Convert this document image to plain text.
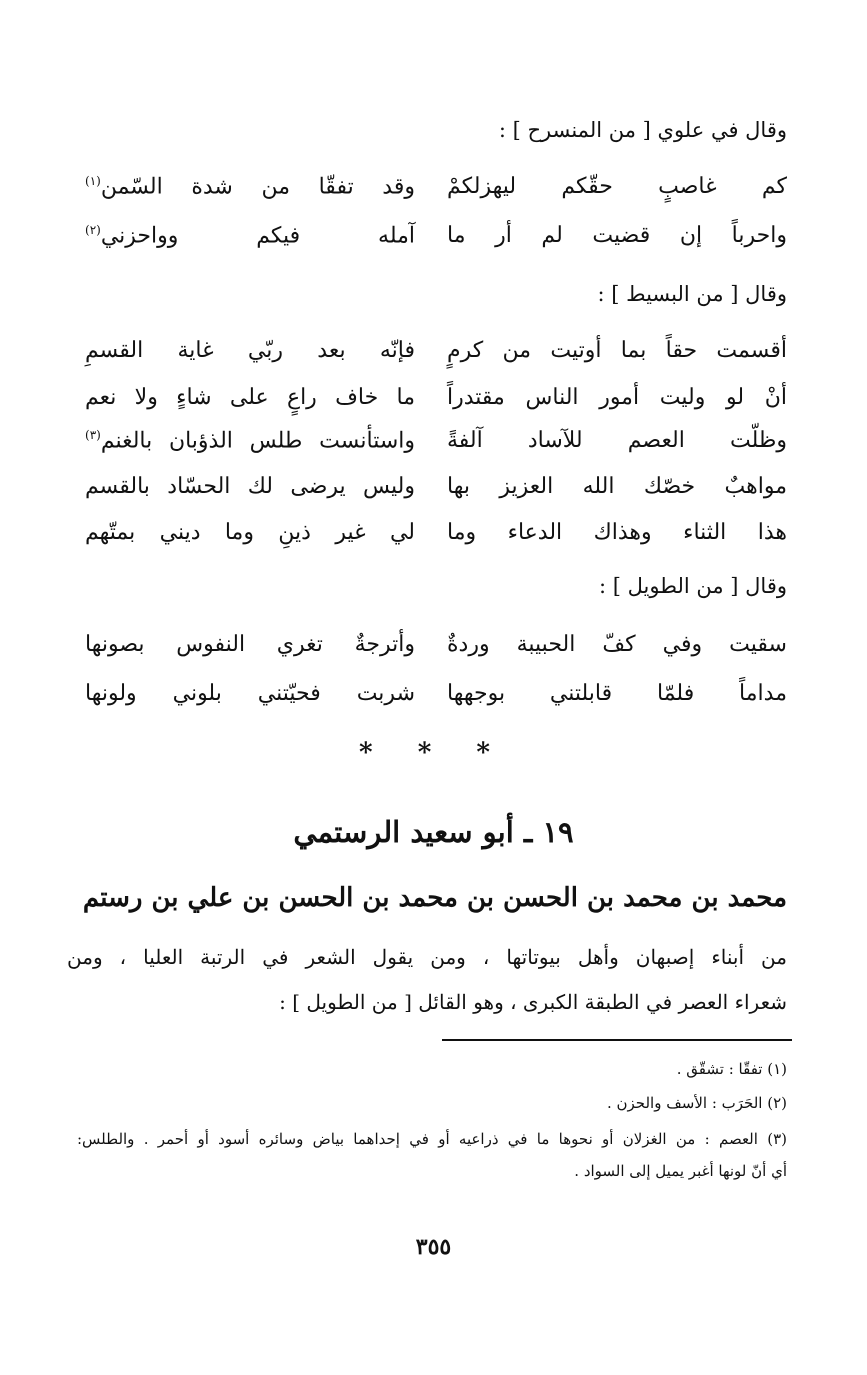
وقال في علوي [ من المنسرح ] :
كم غاصبٍ حقّكم ليهزلكمْ
وقد تفقّا من شدة السّمن$^{(١)}$
واحرباً إن قضيت لم أر ما
آمله فيكم وواحزني$^{(٢)}$
وقال [ من البسيط ] :
أقسمت حقاً بما أوتيت من كرمٍ
فإنّه بعد ربّي غاية القسمِ
أنْ لو وليت أمور الناس مقتدراً
ما خاف راعٍ على شاءٍ ولا نعم
وظلّت العصم للآساد آلفةً
واستأنست طلس الذؤبان بالغنم$^{(٣)}$
مواهبٌ خصّك الله العزيز بها
وليس يرضى لك الحسّاد بالقسم
هذا الثناء وهذاك الدعاء وما
لي غير ذينِ وما ديني بمتّهم
وقال [ من الطويل ] :
سقيت وفي كفّ الحبيبة وردةٌ
وأترجةٌ تغري النفوس بصونها
مداماً فلمّا قابلتني بوجهها
شربت فحيّتني بلوني ولونها
* * *
١٩ ـ أبو سعيد الرستمي
محمد بن محمد بن الحسن بن محمد بن الحسن بن علي بن رستم
من أبناء إصبهان وأهل بيوتاتها ، ومن يقول الشعر في الرتبة العليا ، ومن
شعراء العصر في الطبقة الكبرى ، وهو القائل [ من الطويل ] :
(١) تفقّا : تشقّق .
(٢) الحَرَب : الأسف والحزن .
(٣) العصم : من الغزلان أو نحوها ما في ذراعيه أو في إحداهما بياض وسائره أسود أو أحمر . والطلس:
أي أنّ لونها أغبر يميل إلى السواد .
٣٥٥
